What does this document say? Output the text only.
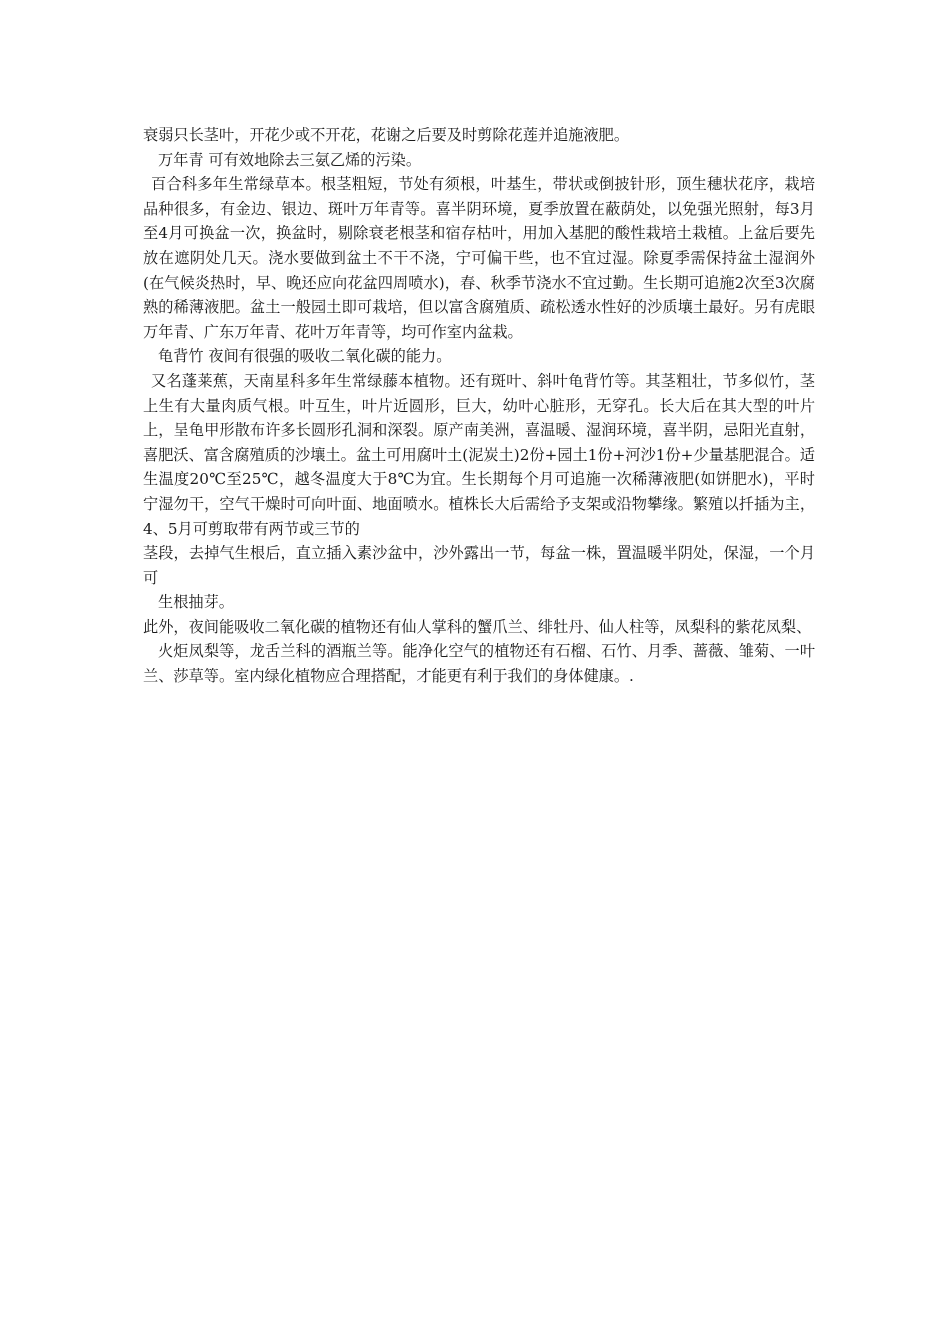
衰弱只长茎叶，开花少或不开花，花谢之后要及时剪除花莲并追施液肥。

万年青 可有效地除去三氨乙烯的污染。

百合科多年生常绿草本。根茎粗短，节处有须根，叶基生，带状或倒披针形，顶生穗状花序，栽培品种很多，有金边、银边、斑叶万年青等。喜半阴环境，夏季放置在蔽荫处，以免强光照射，每3月至4月可换盆一次，换盆时，剔除衰老根茎和宿存枯叶，用加入基肥的酸性栽培土栽植。上盆后要先放在遮阴处几天。浇水要做到盆土不干不浇，宁可偏干些，也不宜过湿。除夏季需保持盆土湿润外(在气候炎热时，早、晚还应向花盆四周喷水)，春、秋季节浇水不宜过勤。生长期可追施2次至3次腐熟的稀薄液肥。盆土一般园土即可栽培，但以富含腐殖质、疏松透水性好的沙质壤土最好。另有虎眼万年青、广东万年青、花叶万年青等，均可作室内盆栽。

龟背竹 夜间有很强的吸收二氧化碳的能力。

又名蓬莱蕉，天南星科多年生常绿藤本植物。还有斑叶、斜叶龟背竹等。其茎粗壮，节多似竹，茎上生有大量肉质气根。叶互生，叶片近圆形，巨大，幼叶心脏形，无穿孔。长大后在其大型的叶片上，呈龟甲形散布许多长圆形孔洞和深裂。原产南美洲，喜温暖、湿润环境，喜半阴，忌阳光直射，喜肥沃、富含腐殖质的沙壤土。盆土可用腐叶土(泥炭土)2份+园土1份+河沙1份+少量基肥混合。适生温度20℃至25℃，越冬温度大于8℃为宜。生长期每个月可追施一次稀薄液肥(如饼肥水)，平时宁湿勿干，空气干燥时可向叶面、地面喷水。植株长大后需给予支架或沿物攀缘。繁殖以扦插为主，4、5月可剪取带有两节或三节的

茎段，去掉气生根后，直立插入素沙盆中，沙外露出一节，每盆一株，置温暖半阴处，保湿，一个月可

生根抽芽。

此外，夜间能吸收二氧化碳的植物还有仙人掌科的蟹爪兰、绯牡丹、仙人柱等，凤梨科的紫花凤梨、

火炬凤梨等，龙舌兰科的酒瓶兰等。能净化空气的植物还有石榴、石竹、月季、蔷薇、雏菊、一叶兰、莎草等。室内绿化植物应合理搭配，才能更有利于我们的身体健康。.
